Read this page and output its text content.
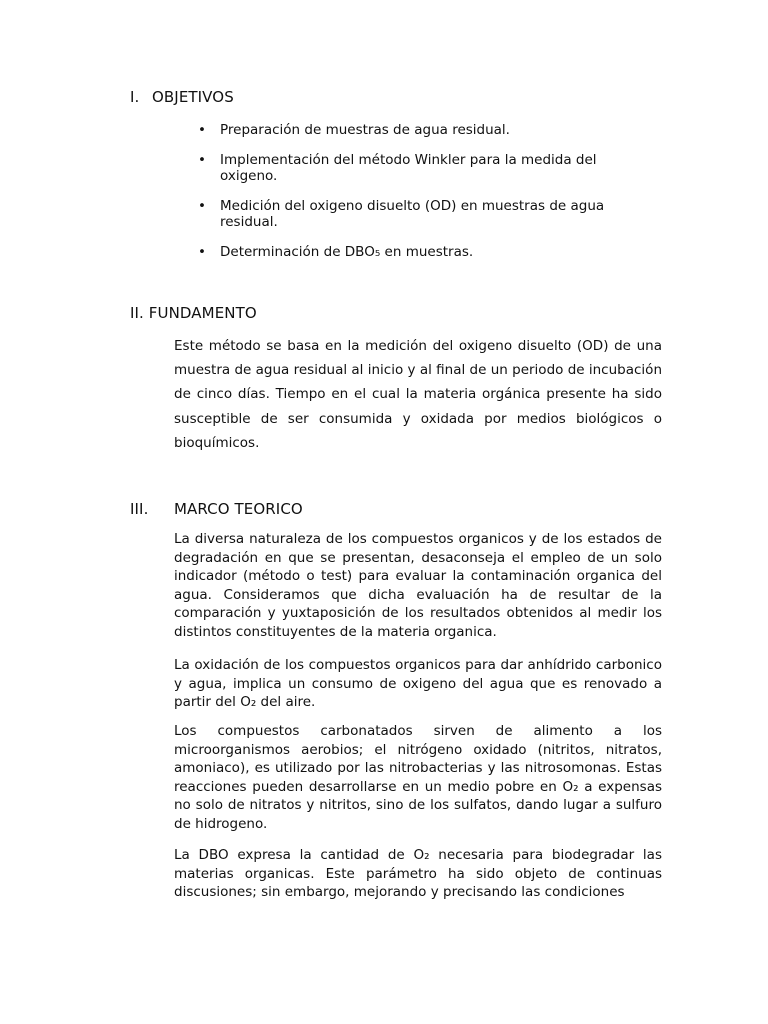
I. OBJETIVOS
• Preparación de muestras de agua residual.
• Implementación del método Winkler para la medida del oxigeno.
• Medición del oxigeno disuelto (OD) en muestras de agua residual.
• Determinación de DBO₅ en muestras.
II. FUNDAMENTO

Este método se basa en la medición del oxigeno disuelto (OD) de una muestra de agua residual al inicio y al final de un periodo de incubación de cinco días. Tiempo en el cual la materia orgánica presente ha sido susceptible de ser consumida y oxidada por medios biológicos o bioquímicos.

III. MARCO TEORICO

La diversa naturaleza de los compuestos organicos y de los estados de degradación en que se presentan, desaconseja el empleo de un solo indicador (método o test) para evaluar la contaminación organica del agua. Consideramos que dicha evaluación ha de resultar de la comparación y yuxtaposición de los resultados obtenidos al medir los distintos constituyentes de la materia organica.

La oxidación de los compuestos organicos para dar anhídrido carbonico y agua, implica un consumo de oxigeno del agua que es renovado a partir del O₂ del aire.

Los compuestos carbonatados sirven de alimento a los microorganismos aerobios; el nitrógeno oxidado (nitritos, nitratos, amoniaco), es utilizado por las nitrobacterias y las nitrosomonas. Estas reacciones pueden desarrollarse en un medio pobre en O₂ a expensas no solo de nitratos y nitritos, sino de los sulfatos, dando lugar a sulfuro de hidrogeno.

La DBO expresa la cantidad de O₂ necesaria para biodegradar las materias organicas. Este parámetro ha sido objeto de continuas discusiones; sin embargo, mejorando y precisando las condiciones
